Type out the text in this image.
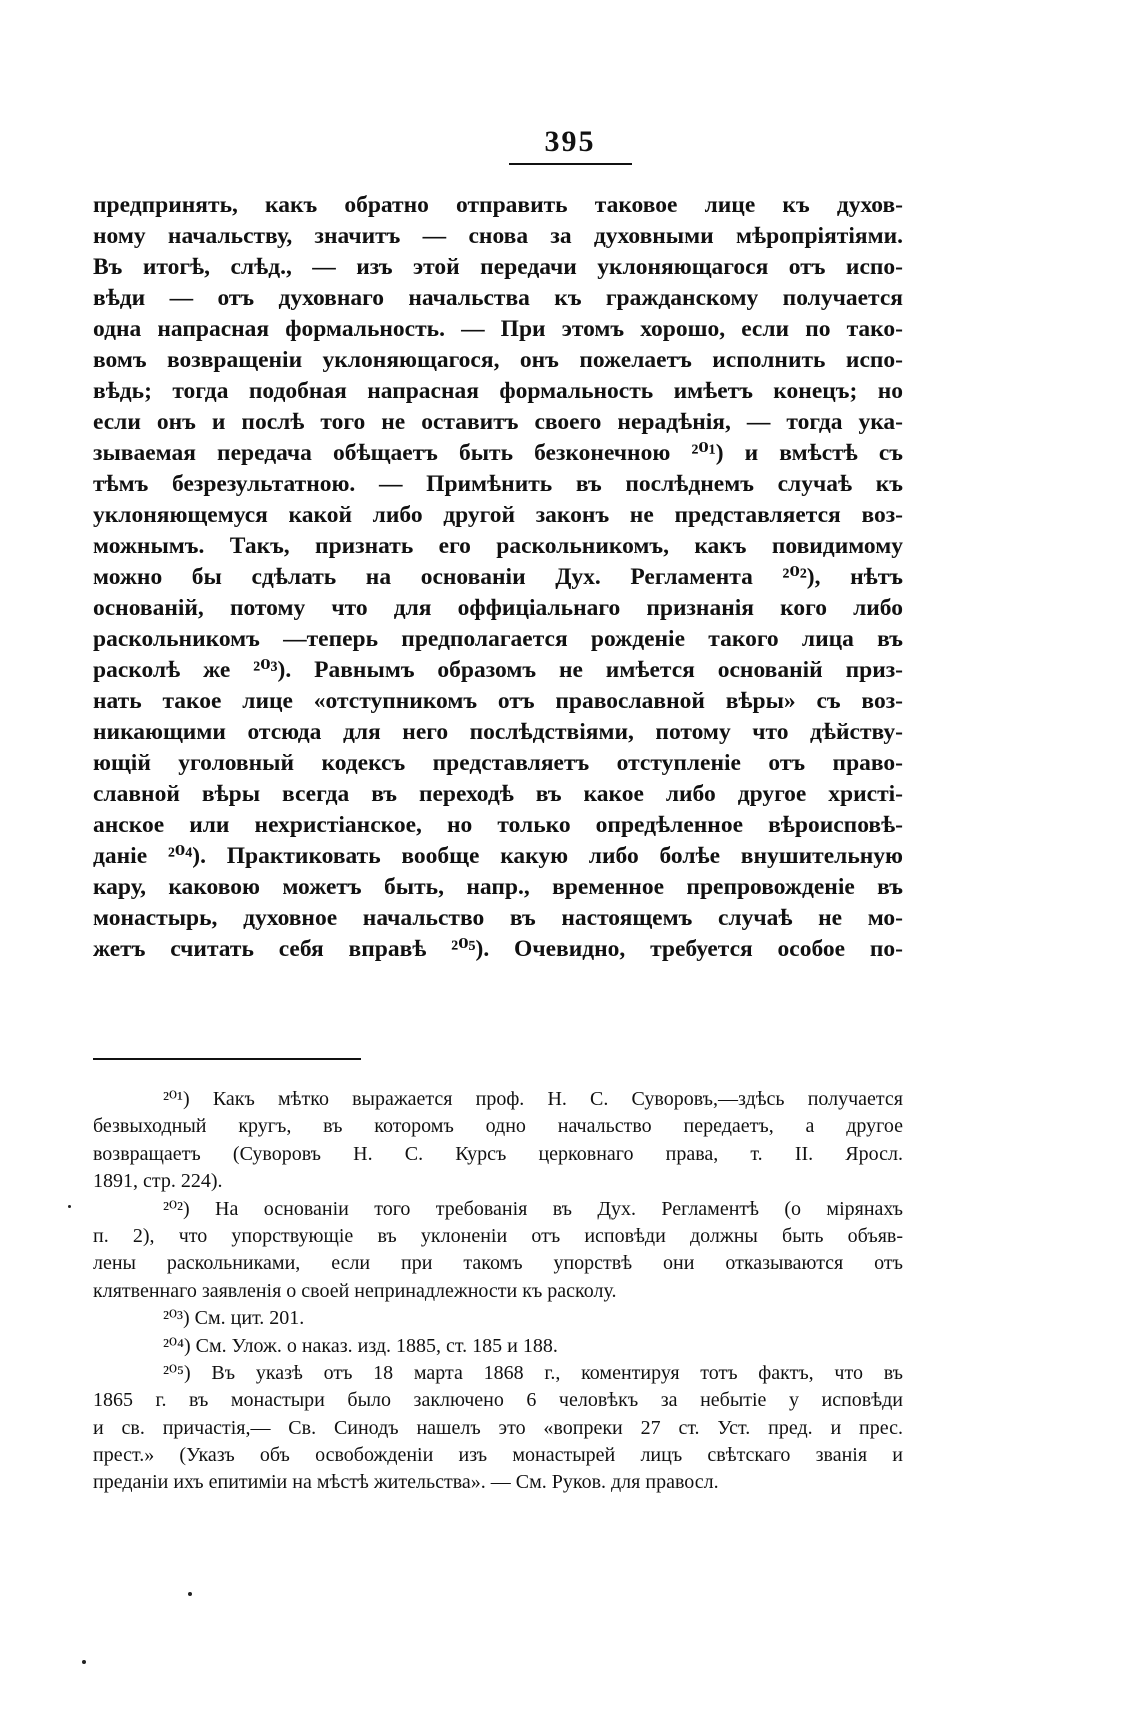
395
предпринять, какъ обратно отправить таковое лице къ духов-
ному начальству, значитъ — снова за духовными мѣропріятіями.
Въ итогѣ, слѣд., — изъ этой передачи уклоняющагося отъ испо-
вѣди — отъ духовнаго начальства къ гражданскому получается
одна напрасная формальность. — При этомъ хорошо, если по тако-
вомъ возвращеніи уклоняющагося, онъ пожелаетъ исполнить испо-
вѣдь; тогда подобная напрасная формальность имѣетъ конецъ; но
если онъ и послѣ того не оставитъ своего нерадѣнія, — тогда ука-
зываемая передача обѣщаетъ быть безконечною ²⁰¹) и вмѣстѣ съ
тѣмъ безрезультатною. — Примѣнить въ послѣднемъ случаѣ къ
уклоняющемуся какой либо другой законъ не представляется воз-
можнымъ. Такъ, признать его раскольникомъ, какъ повидимому
можно бы сдѣлать на основаніи Дух. Регламента ²⁰²), нѣтъ
основаній, потому что для оффиціальнаго признанія кого либо
раскольникомъ —теперь предполагается рожденіе такого лица въ
расколѣ же ²⁰³). Равнымъ образомъ не имѣется основаній приз-
нать такое лице «отступникомъ отъ православной вѣры» съ воз-
никающими отсюда для него послѣдствіями, потому что дѣйству-
ющій уголовный кодексъ представляетъ отступленіе отъ право-
славной вѣры всегда въ переходѣ въ какое либо другое христі-
анское или нехристіанское, но только опредѣленное вѣроисповѣ-
даніе ²⁰⁴). Практиковать вообще какую либо болѣе внушительную
кару, каковою можетъ быть, напр., временное препровожденіе въ
монастырь, духовное начальство въ настоящемъ случаѣ не мо-
жетъ считать себя вправѣ ²⁰⁵). Очевидно, требуется особое по-
²⁰¹) Какъ мѣтко выражается проф. Н. С. Суворовъ,—здѣсь получается
безвыходный кругъ, въ которомъ одно начальство передаетъ, а другое
возвращаетъ (Суворовъ Н. С. Курсъ церковнаго права, т. II. Яросл.
1891, стр. 224).
²⁰²) На основаніи того требованія въ Дух. Регламентѣ (о мірянахъ
п. 2), что упорствующіе въ уклоненіи отъ исповѣди должны быть объяв-
лены раскольниками, если при такомъ упорствѣ они отказываются отъ
клятвеннаго заявленія о своей непринадлежности къ расколу.
²⁰³) См. цит. 201.
²⁰⁴) См. Улож. о наказ. изд. 1885, ст. 185 и 188.
²⁰⁵) Въ указѣ отъ 18 марта 1868 г., коментируя тотъ фактъ, что въ
1865 г. въ монастыри было заключено 6 человѣкъ за небытіе у исповѣди
и св. причастія,— Св. Синодъ нашелъ это «вопреки 27 ст. Уст. пред. и прес.
прест.» (Указъ объ освобожденіи изъ монастырей лицъ свѣтскаго званія и
преданіи ихъ епитиміи на мѣстѣ жительства». — См. Руков. для правосл.
